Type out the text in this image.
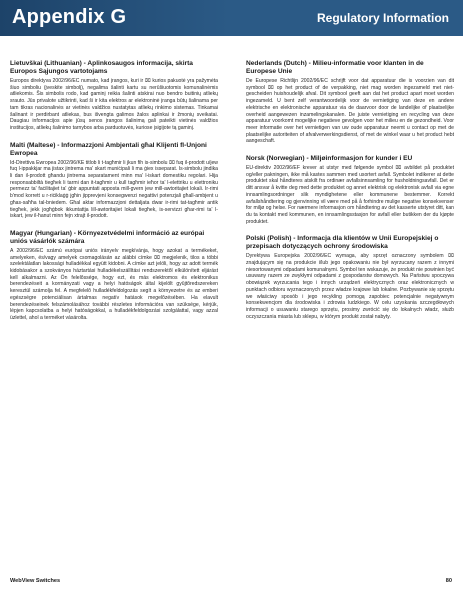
Appendix G	Regulatory Information
Lietuvškai (Lithuanian) - Aplinkosaugos informacija, skirta Europos Sąjungos vartotojams

Europos direktyva 2002/96/EC numato, kad įrangos, kuri ir ⌧ kurios pakuotė yra pažymėta šiuo simboliu (įveskite simbolį), negalima šalinti kartu su nerūšiuotomis komunalinėmis atliekomis. Šis simbolis rodo, kad gaminį reikia šalinti atskirai nuo bendro buitinių atliekų srauto. Jūs privalote užtikrinti, kad ši ir kita elektros ar elektroninė įranga būtų šalinama per tam tikras nacionalinės ar vietinės valdžios nustatytas atliekų rinkimo sistemas. Tinkamai šalinant ir perdirbant atliekas, bus išvengta galimos žalos aplinkai ir žmonių sveikatai. Daugiau informacijos apie jūsų senos įrangos šalinimą gali pateikti vietinės valdžios institucijos, atliekų šalinimo tarnybos arba parduotuvės, kuriose įsigijote tą gaminį.

Malti (Maltese) - Informazzjoni Ambjentali għal Klijenti fl-Unjoni Ewropea

Id-Direttiva Ewropea 2002/96/KE titlob li t-tagħmir li jkun fih is-simbolu ⌧ fuq il-prodott u/jew fuq l-ippakkjar ma jistax jintrema ma' skart muniċipali li ma ġiex isseparat. Is-simbolu jindika li dan il-prodott għandu jintrema separatament minn ma' l-iskart domestiku regolari. Hija responsabbiltà tiegħek li tarmi dan it-tagħmir u kull tagħmir ieħor ta' l-elettriku u elettroniku permezz ta' faċilitajiet ta' ġbir appuntati apposta mill-gvern jew mill-awtoritajiet lokali. Ir-rimi b'mod korrett u r-riċiklaġġ jgħin jipprevjeni konsegwenzi negattivi potenzjali għall-ambjent u għas-saħħa tal-bniedem. Għal aktar informazzjoni dettaljata dwar ir-rimi tat-tagħmir antik tiegħek, jekk jogħġbok ikkuntattja lill-awtoritajiet lokali tiegħek, is-servizzi għar-rimi ta' l-iskart, jew il-ħanut minn fejn xtrajt il-prodott.

Magyar (Hungarian) - Környezetvédelmi információ az európai uniós vásárlók számára

A 2002/96/EC számú európai uniós irányelv megkívánja, hogy azokat a termékeket, amelyeken, és/vagy amelyek csomagolásán az alábbi címke ⌧ megjelenik, tilos a többi szelektálatlan lakossági hulladékkal együtt kidobni. A címke azt jelöli, hogy az adott termék kidobásakor a szokványos háztartási hulladékelszállítási rendszerektõl elkülönített eljárást kell alkalmazni. Az Ön felelõssége, hogy ezt, és más elektromos és elektronikus berendezéseit a kormányzati vagy a helyi hatóságok által kijelölt gyûjtõredszereken keresztül számolja fel. A megfelelõ hulladékfeldolgozás segít a környezetre és az emberi egészségre potenciálisan ártalmas negatív hatások megelõzésében. Ha elavult berendezéseinek felszámolásához további részletes információra van szüksége, kérjük, lépjen kapcsolatba a helyi hatóságokkal, a hulladékfeldolgozási szolgálattal, vagy azzal üzlettel, ahol a terméket vásárolta.

Nederlands (Dutch) - Milieu-informatie voor klanten in de Europese Unie

De Europese Richtlijn 2002/96/EC schrijft voor dat apparatuur die is voorzien van dit symbool ⌧ op het product of de verpakking, niet mag worden ingezameld met niet-gescheiden huishoudelijk afval. Dit symbool geeft aan dat het product apart moet worden ingezameld. U bent zelf verantwoordelijk voor de vernietiging van deze en andere elektrische en elektronische apparatuur via de daarvoor door de landelijke of plaatselijke overheid aangewezen inzamelingskanalen. De juiste vernietiging en recycling van deze apparatuur voorkomt mogelijke negatieve gevolgen voor het milieu en de gezondheid. Voor meer informatie over het vernietigen van uw oude apparatuur neemt u contact op met de plaatselijke autoriteiten of afvalverwerkingsdienst, of met de winkel waar u het product hebt aangeschaft.

Norsk (Norwegian) - Miljøinformasjon for kunder i EU

EU-direktiv 2002/96/EF krever at utstyr med følgende symbol ⌧ avbildet på produktet og/eller pakningen, ikke må kastes sammen med usortert avfall. Symbolet indikerer at dette produktet skal håndteres atskilt fra ordinær avfallsinnsamling for husholdningsavfall. Det er ditt ansvar å kvitte deg med dette produktet og annet elektrisk og elektronisk avfall via egne innsamlingsordninger slik myndighetene eller kommunene bestemmer. Korrekt avfallshåndtering og gjenvinning vil være med på å forhindre mulige negative konsekvenser for miljø og helse. For nærmere informasjon om håndtering av det kasserte utstyret ditt, kan du ta kontakt med kommunen, en innsamlingsstasjon for avfall eller butikken der du kjøpte produktet.

Polski (Polish) - Informacja dla klientów w Unii Europejskiej o przepisach dotyczących ochrony środowiska

Dyrektywa Europejska 2002/96/EC wymaga, aby sprzęt oznaczony symbolem ⌧ znajdującym się na produkcie i/lub jego opakowaniu nie był wyrzucany razem z innymi niesortowanymi odpadami komunalnymi. Symbol ten wskazuje, że produkt nie powinien być usuwany razem ze zwykłymi odpadami z gospodarstw domowych. Na Państwu spoczywa obowiązek wyrzucania tego i innych urządzeń elektrycznych oraz elektronicznych w punktach odbioru wyznaczonych przez władze krajowe lub lokalne. Pozbywanie się sprzętu we właściwy sposób i jego recykling pomogą zapobiec potencjalnie negatywnym konsekwencjom dla środowiska i zdrowia ludzkiego. W celu uzyskania szczegółowych informacji o usuwaniu starego sprzętu, prosimy zwrócić się do lokalnych władz, służb oczyszczania miasta lub sklepu, w którym produkt został nabyty.

WebView Switches	80
